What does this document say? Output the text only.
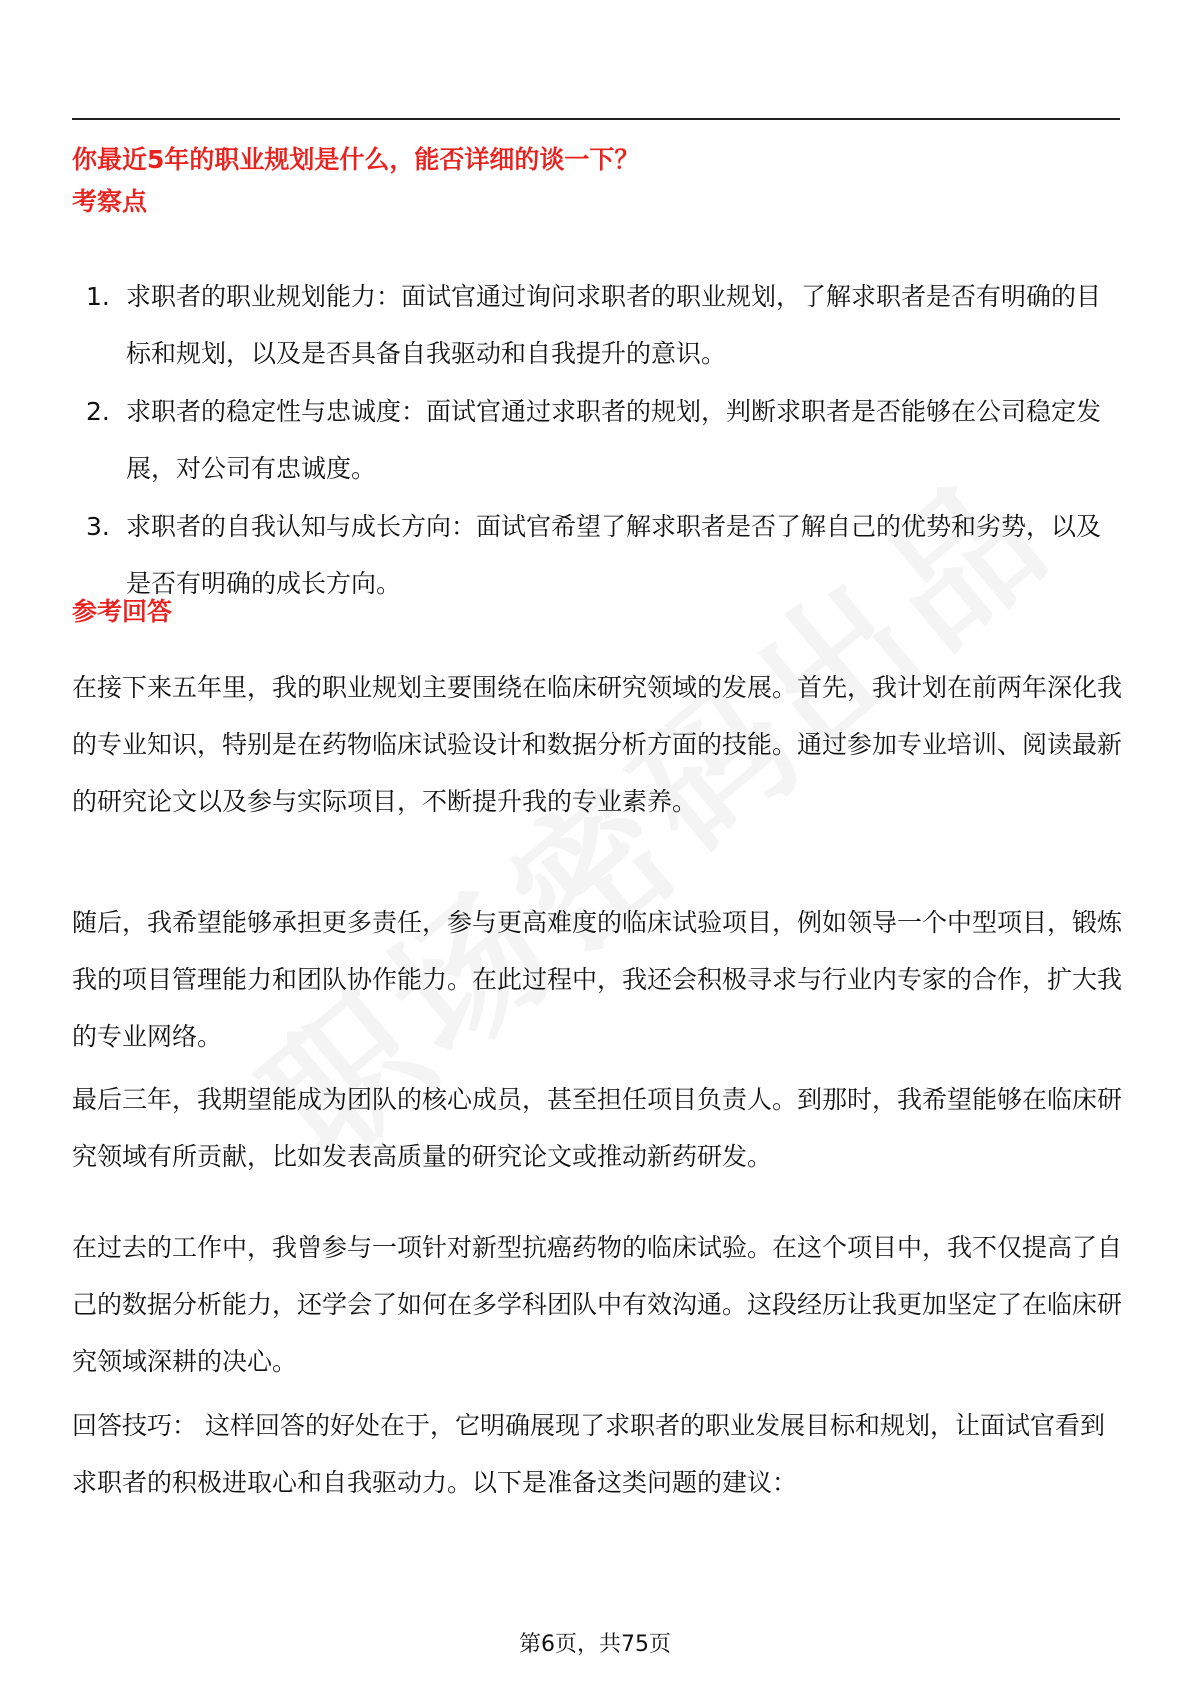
你最近5年的职业规划是什么，能否详细的谈一下？
考察点
1. 求职者的职业规划能力：面试官通过询问求职者的职业规划，了解求职者是否有明确的目标和规划，以及是否具备自我驱动和自我提升的意识。
2. 求职者的稳定性与忠诚度：面试官通过求职者的规划，判断求职者是否能够在公司稳定发展，对公司有忠诚度。
3. 求职者的自我认知与成长方向：面试官希望了解求职者是否了解自己的优势和劣势，以及是否有明确的成长方向。
参考回答

在接下来五年里，我的职业规划主要围绕在临床研究领域的发展。首先，我计划在前两年深化我的专业知识，特别是在药物临床试验设计和数据分析方面的技能。通过参加专业培训、阅读最新的研究论文以及参与实际项目，不断提升我的专业素养。

随后，我希望能够承担更多责任，参与更高难度的临床试验项目，例如领导一个中型项目，锻炼我的项目管理能力和团队协作能力。在此过程中，我还会积极寻求与行业内专家的合作，扩大我的专业网络。

最后三年，我期望能成为团队的核心成员，甚至担任项目负责人。到那时，我希望能够在临床研究领域有所贡献，比如发表高质量的研究论文或推动新药研发。

在过去的工作中，我曾参与一项针对新型抗癌药物的临床试验。在这个项目中，我不仅提高了自己的数据分析能力，还学会了如何在多学科团队中有效沟通。这段经历让我更加坚定了在临床研究领域深耕的决心。

回答技巧： 这样回答的好处在于，它明确展现了求职者的职业发展目标和规划，让面试官看到求职者的积极进取心和自我驱动力。以下是准备这类问题的建议：

第6页，共75页
